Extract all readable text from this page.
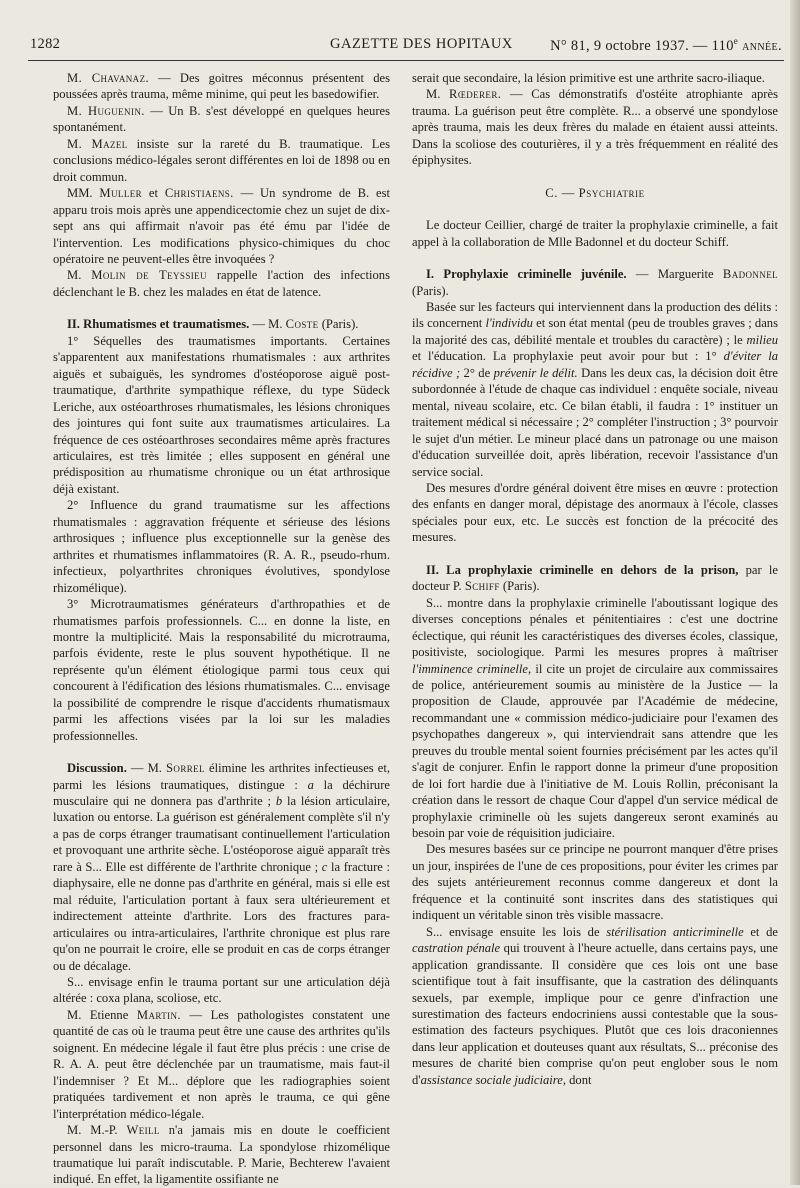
1282	GAZETTE DES HOPITAUX	N° 81, 9 octobre 1937. — 110e année.

M. Chavanaz. — Des goitres méconnus présentent des poussées après trauma, même minime, qui peut les basedowifier.

M. Huguenin. — Un B. s'est développé en quelques heures spontanément.

M. Mazel insiste sur la rareté du B. traumatique. Les conclusions médico-légales seront différentes en loi de 1898 ou en droit commun.

MM. Muller et Christiaens. — Un syndrome de B. est apparu trois mois après une appendicectomie chez un sujet de dix-sept ans qui affirmait n'avoir pas été ému par l'idée de l'intervention. Les modifications physico-chimiques du choc opératoire ne peuvent-elles être invoquées ?

M. Molin de Teyssieu rappelle l'action des infections déclenchant le B. chez les malades en état de latence.

II. Rhumatismes et traumatismes. — M. Coste (Paris).

1° Séquelles des traumatismes importants. Certaines s'apparentent aux manifestations rhumatismales : aux arthrites aiguës et subaiguës, les syndromes d'ostéoporose aiguë post-traumatique, d'arthrite sympathique réflexe, du type Südeck Leriche, aux ostéoarthroses rhumatismales, les lésions chroniques des jointures qui font suite aux traumatismes articulaires. La fréquence de ces ostéoarthroses secondaires même après fractures articulaires, est très limitée ; elles supposent en général une prédisposition au rhumatisme chronique ou un état arthrosique déjà existant.

2° Influence du grand traumatisme sur les affections rhumatismales : aggravation fréquente et sérieuse des lésions arthrosiques ; influence plus exceptionnelle sur la genèse des arthrites et rhumatismes inflammatoires (R. A. R., pseudo-rhum. infectieux, polyarthrites chroniques évolutives, spondylose rhizomélique).

3° Microtraumatismes générateurs d'arthropathies et de rhumatismes parfois professionnels. C... en donne la liste, en montre la multiplicité. Mais la responsabilité du microtrauma, parfois évidente, reste le plus souvent hypothétique. Il ne représente qu'un élément étiologique parmi tous ceux qui concourent à l'édification des lésions rhumatismales. C... envisage la possibilité de comprendre le risque d'accidents rhumatismaux parmi les affections visées par la loi sur les maladies professionnelles.

Discussion. — M. Sorrel élimine les arthrites infectieuses et, parmi les lésions traumatiques, distingue : a la déchirure musculaire qui ne donnera pas d'arthrite ; b la lésion articulaire, luxation ou entorse. La guérison est généralement complète s'il n'y a pas de corps étranger traumatisant continuellement l'articulation et provoquant une arthrite sèche. L'ostéoporose aiguë apparaît très rare à S... Elle est différente de l'arthrite chronique ; c la fracture : diaphysaire, elle ne donne pas d'arthrite en général, mais si elle est mal réduite, l'articulation portant à faux sera ultérieurement et indirectement atteinte d'arthrite. Lors des fractures para-articulaires ou intra-articulaires, l'arthrite chronique est plus rare qu'on ne pourrait le croire, elle se produit en cas de corps étranger ou de décalage.

S... envisage enfin le trauma portant sur une articulation déjà altérée : coxa plana, scoliose, etc.

M. Etienne Martin. — Les pathologistes constatent une quantité de cas où le trauma peut être une cause des arthrites qu'ils soignent. En médecine légale il faut être plus précis : une crise de R. A. A. peut être déclenchée par un traumatisme, mais faut-il l'indemniser ? Et M... déplore que les radiographies soient pratiquées tardivement et non après le trauma, ce qui gêne l'interprétation médico-légale.

M. M.-P. Weill n'a jamais mis en doute le coefficient personnel dans les micro-trauma. La spondylose rhizomélique traumatique lui paraît indiscutable. P. Marie, Bechterew l'avaient indiqué. En effet, la ligamentite ossifiante ne

serait que secondaire, la lésion primitive est une arthrite sacro-iliaque.

M. Rœderer. — Cas démonstratifs d'ostéite atrophiante après trauma. La guérison peut être complète. R... a observé une spondylose après trauma, mais les deux frères du malade en étaient aussi atteints. Dans la scoliose des couturières, il y a très fréquemment en réalité des épiphysites.

C. — Psychiatrie

Le docteur Ceillier, chargé de traiter la prophylaxie criminelle, a fait appel à la collaboration de Mlle Badonnel et du docteur Schiff.

I. Prophylaxie criminelle juvénile. — Marguerite Badonnel (Paris).

Basée sur les facteurs qui interviennent dans la production des délits : ils concernent l'individu et son état mental (peu de troubles graves ; dans la majorité des cas, débilité mentale et troubles du caractère) ; le milieu et l'éducation. La prophylaxie peut avoir pour but : 1° d'éviter la récidive ; 2° de prévenir le délit. Dans les deux cas, la décision doit être subordonnée à l'étude de chaque cas individuel : enquête sociale, niveau mental, niveau scolaire, etc. Ce bilan établi, il faudra : 1° instituer un traitement médical si nécessaire ; 2° compléter l'instruction ; 3° pourvoir le sujet d'un métier. Le mineur placé dans un patronage ou une maison d'éducation surveillée doit, après libération, recevoir l'assistance d'un service social.

Des mesures d'ordre général doivent être mises en œuvre : protection des enfants en danger moral, dépistage des anormaux à l'école, classes spéciales pour eux, etc. Le succès est fonction de la précocité des mesures.

II. La prophylaxie criminelle en dehors de la prison, par le docteur P. Schiff (Paris).

S... montre dans la prophylaxie criminelle l'aboutissant logique des diverses conceptions pénales et pénitentiaires : c'est une doctrine éclectique, qui réunit les caractéristiques des diverses écoles, classique, positiviste, sociologique. Parmi les mesures propres à maîtriser l'imminence criminelle, il cite un projet de circulaire aux commissaires de police, antérieurement soumis au ministère de la Justice — la proposition de Claude, approuvée par l'Académie de médecine, recommandant une « commission médico-judiciaire pour l'examen des psychopathes dangereux », qui interviendrait sans attendre que les preuves du trouble mental soient fournies précisément par les actes qu'il s'agit de conjurer. Enfin le rapport donne la primeur d'une proposition de loi fort hardie due à l'initiative de M. Louis Rollin, préconisant la création dans le ressort de chaque Cour d'appel d'un service médical de prophylaxie criminelle où les sujets dangereux seront examinés au besoin par voie de réquisition judiciaire.

Des mesures basées sur ce principe ne pourront manquer d'être prises un jour, inspirées de l'une de ces propositions, pour éviter les crimes par des sujets antérieurement reconnus comme dangereux et dont la fréquence et la continuité sont inscrites dans des statistiques qui indiquent un véritable sinon très visible massacre.

S... envisage ensuite les lois de stérilisation anticriminelle et de castration pénale qui trouvent à l'heure actuelle, dans certains pays, une application grandissante. Il considère que ces lois ont une base scientifique tout à fait insuffisante, que la castration des délinquants sexuels, par exemple, implique pour ce genre d'infraction une surestimation des facteurs endocriniens aussi contestable que la sous-estimation des facteurs psychiques. Plutôt que ces lois draconiennes dans leur application et douteuses quant aux résultats, S... préconise des mesures de charité bien comprise qu'on peut englober sous le nom d'assistance sociale judiciaire, dont
